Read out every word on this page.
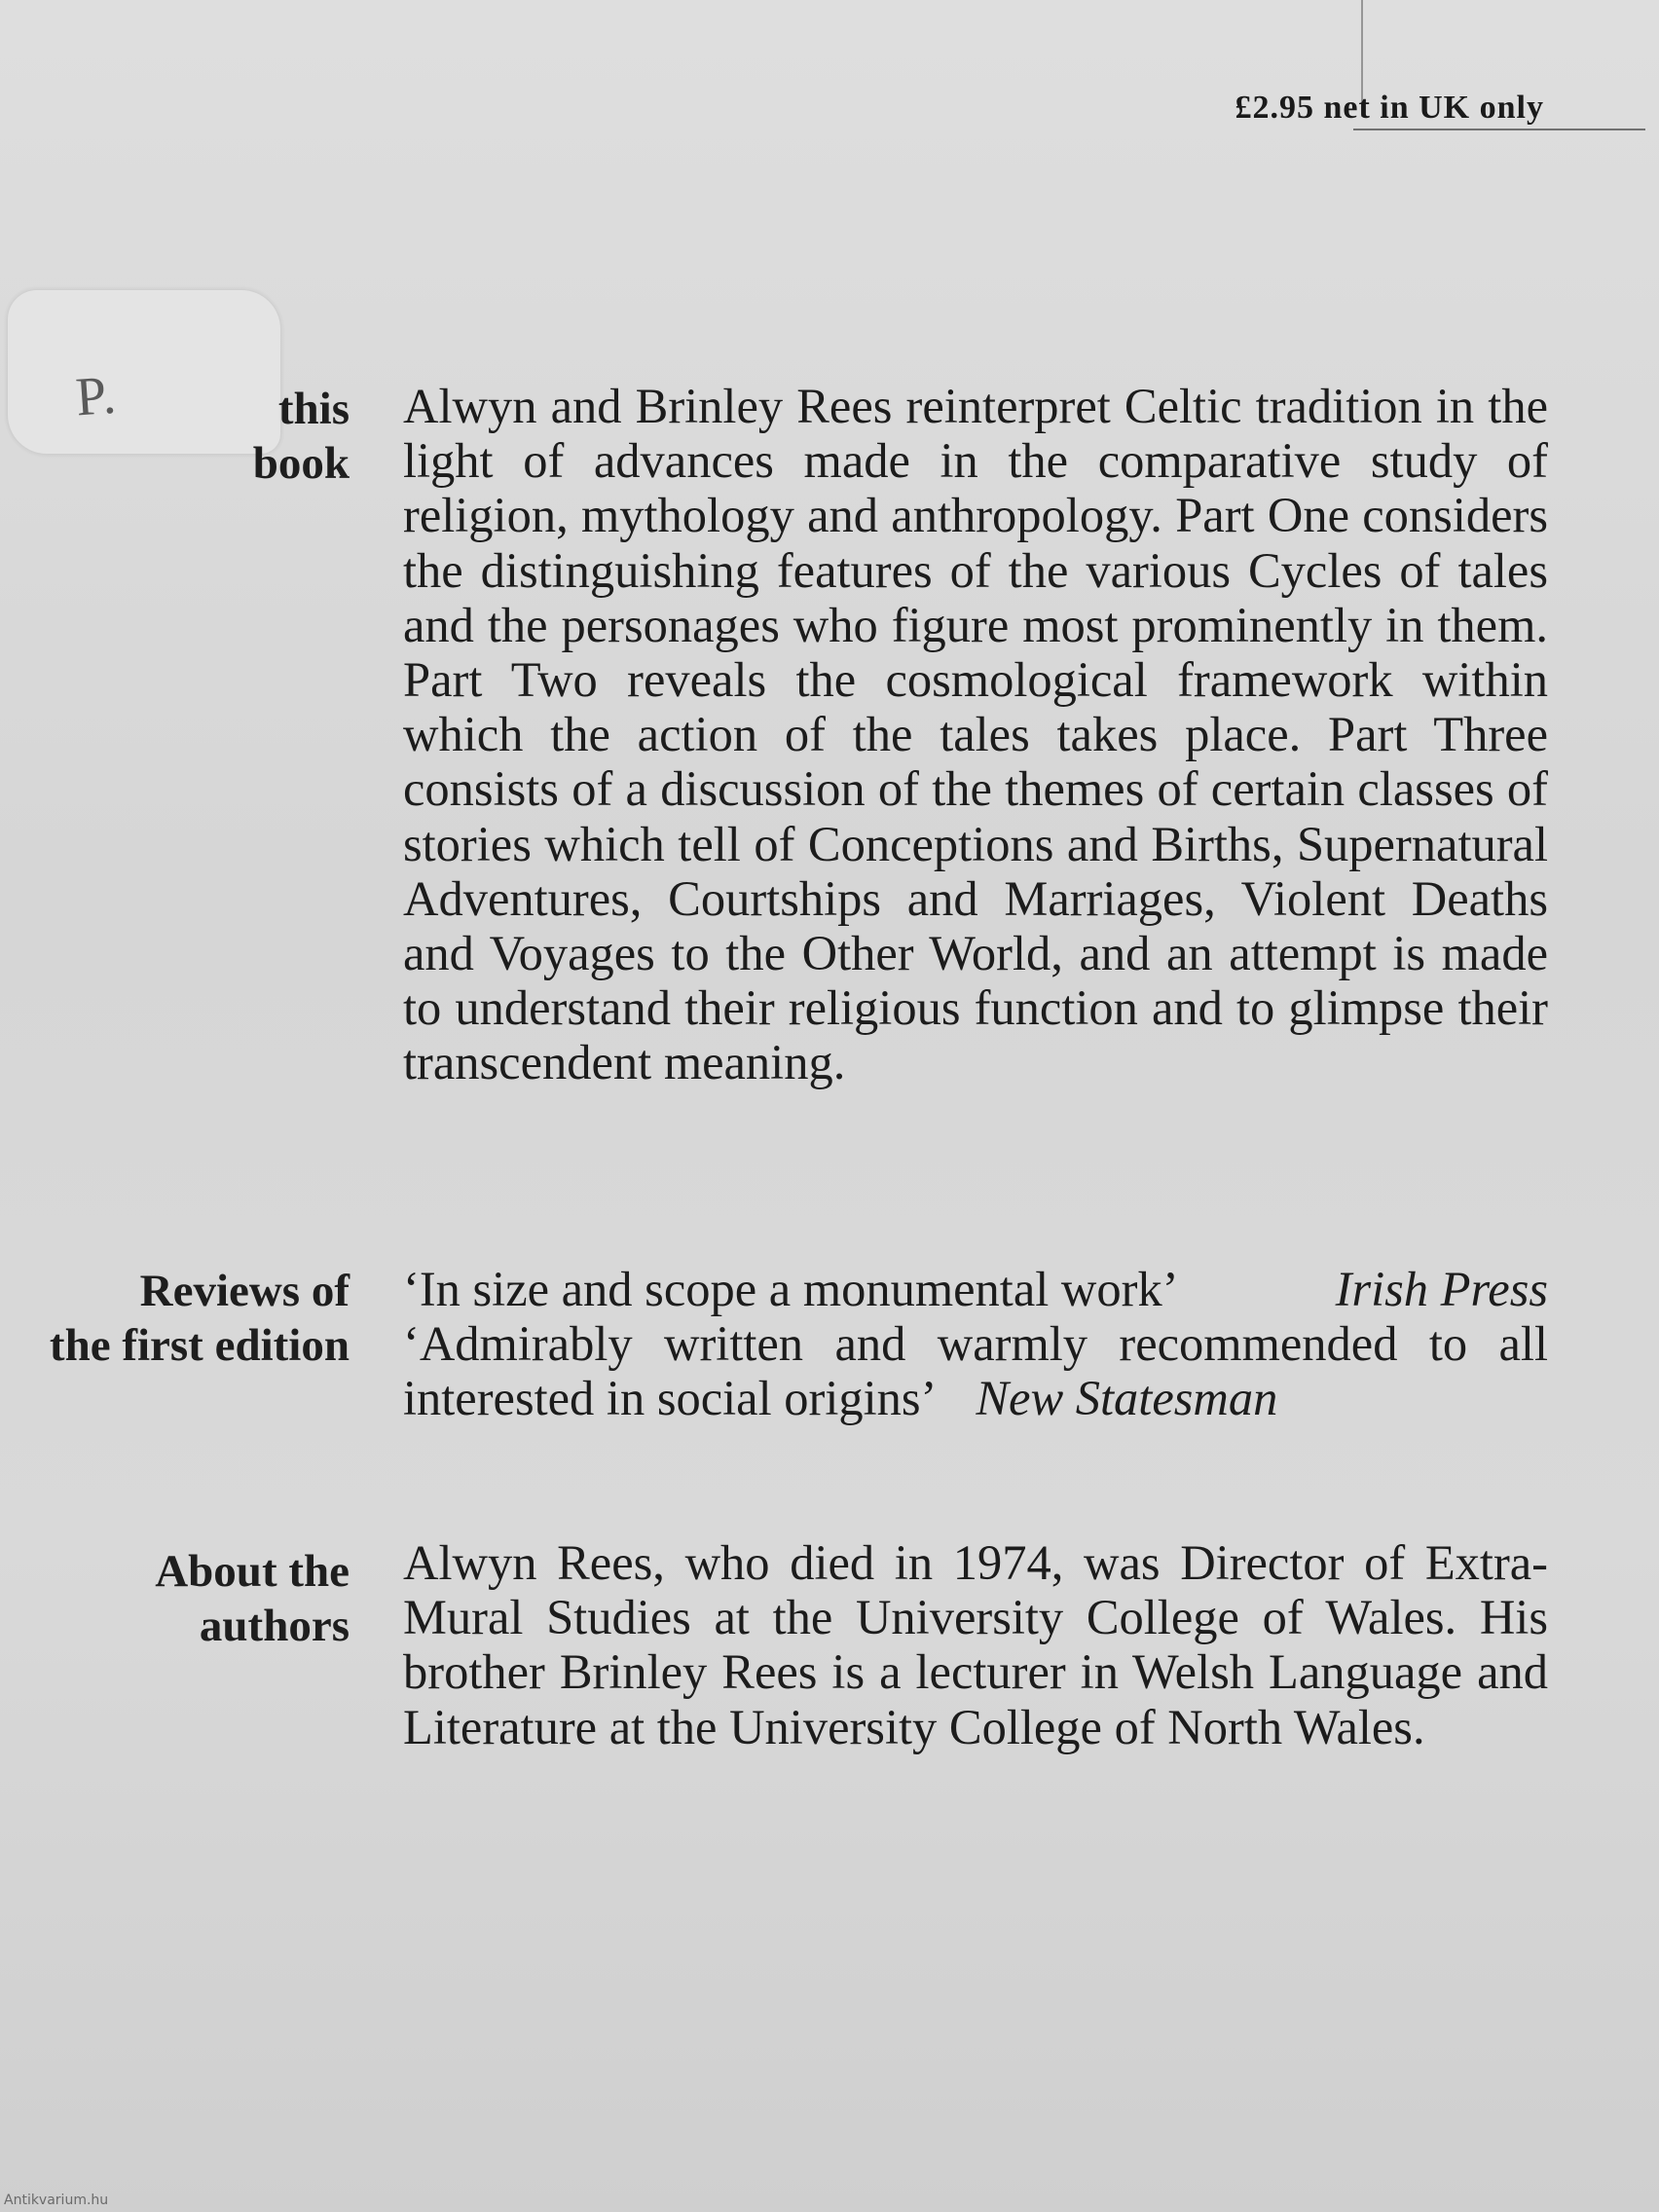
£2.95 net in UK only
P.	this
book
Alwyn and Brinley Rees reinterpret Celtic tradition in the light of advances made in the comparative study of religion, mythology and anthropology. Part One considers the distinguishing features of the various Cycles of tales and the personages who figure most prominently in them. Part Two reveals the cosmological framework within which the action of the tales takes place. Part Three consists of a discussion of the themes of certain classes of stories which tell of Conceptions and Births, Supernatural Adventures, Courtships and Marriages, Violent Deaths and Voyages to the Other World, and an attempt is made to understand their religious function and to glimpse their transcendent meaning.
Reviews of
the first edition
‘In size and scope a monumental work’	Irish Press
‘Admirably written and warmly recommended to all interested in social origins’ New Statesman
About the
authors
Alwyn Rees, who died in 1974, was Director of Extra-Mural Studies at the University College of Wales. His brother Brinley Rees is a lecturer in Welsh Language and Literature at the University College of North Wales.
Antikvarium.hu
